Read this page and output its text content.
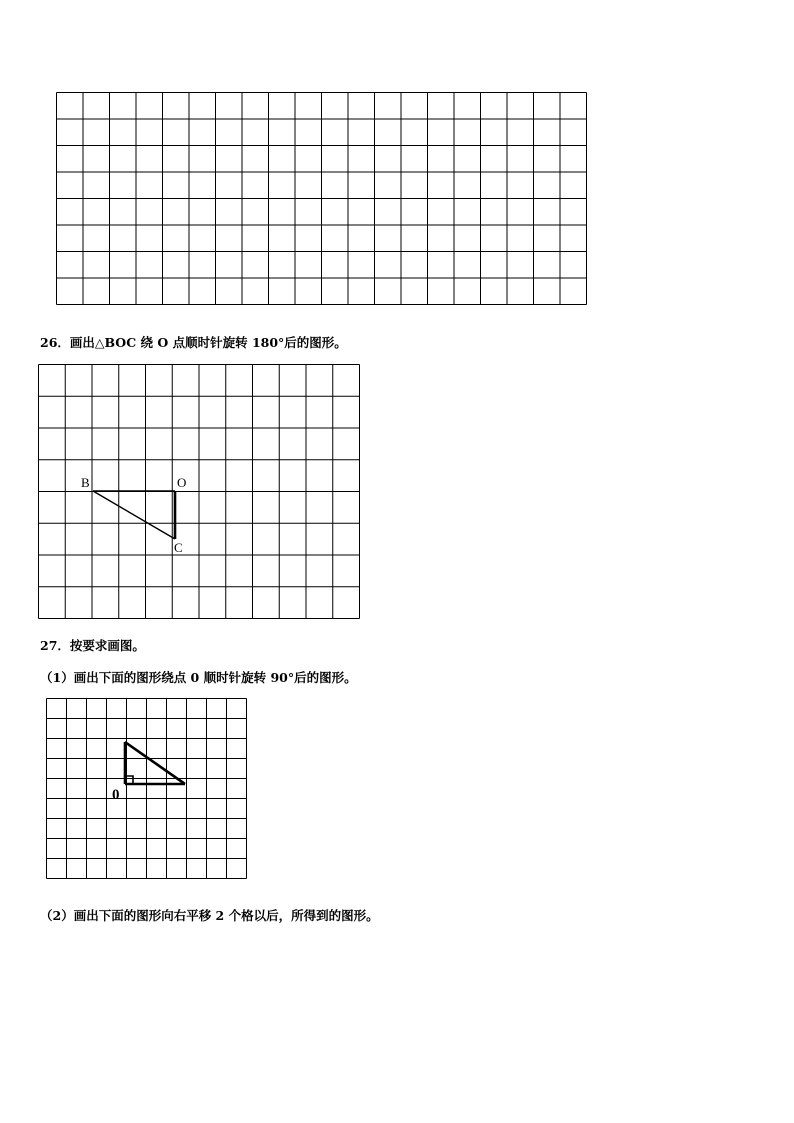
26．画出△BOC 绕 O 点顺时针旋转 180°后的图形。
B	O
C
27．按要求画图。
（1）画出下面的图形绕点 0 顺时针旋转 90°后的图形。
0
（2）画出下面的图形向右平移 2 个格以后，所得到的图形。
